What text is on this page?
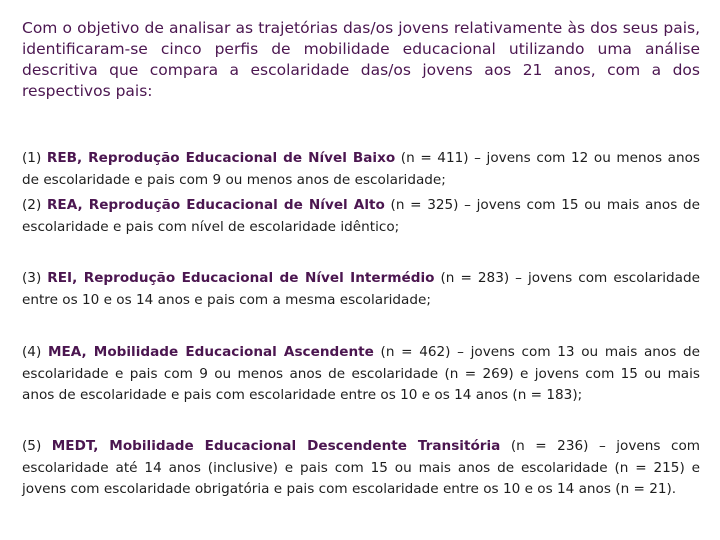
Com o objetivo de analisar as trajetórias das/os jovens relativamente às dos seus pais, identificaram-se cinco perfis de mobilidade educacional utilizando uma análise descritiva que compara a escolaridade das/os jovens aos 21 anos, com a dos respectivos pais:

(1) REB, Reprodução Educacional de Nível Baixo (n = 411) – jovens com 12 ou menos anos de escolaridade e pais com 9 ou menos anos de escolaridade;

(2) REA, Reprodução Educacional de Nível Alto (n = 325) – jovens com 15 ou mais anos de escolaridade e pais com nível de escolaridade idêntico;

(3) REI, Reprodução Educacional de Nível Intermédio (n = 283) – jovens com escolaridade entre os 10 e os 14 anos e pais com a mesma escolaridade;

(4) MEA, Mobilidade Educacional Ascendente (n = 462) – jovens com 13 ou mais anos de escolaridade e pais com 9 ou menos anos de escolaridade (n = 269) e jovens com 15 ou mais anos de escolaridade e pais com escolaridade entre os 10 e os 14 anos (n = 183);

(5) MEDT, Mobilidade Educacional Descendente Transitória (n = 236) – jovens com escolaridade até 14 anos (inclusive) e pais com 15 ou mais anos de escolaridade (n = 215) e jovens com escolaridade obrigatória e pais com escolaridade entre os 10 e os 14 anos (n = 21).
